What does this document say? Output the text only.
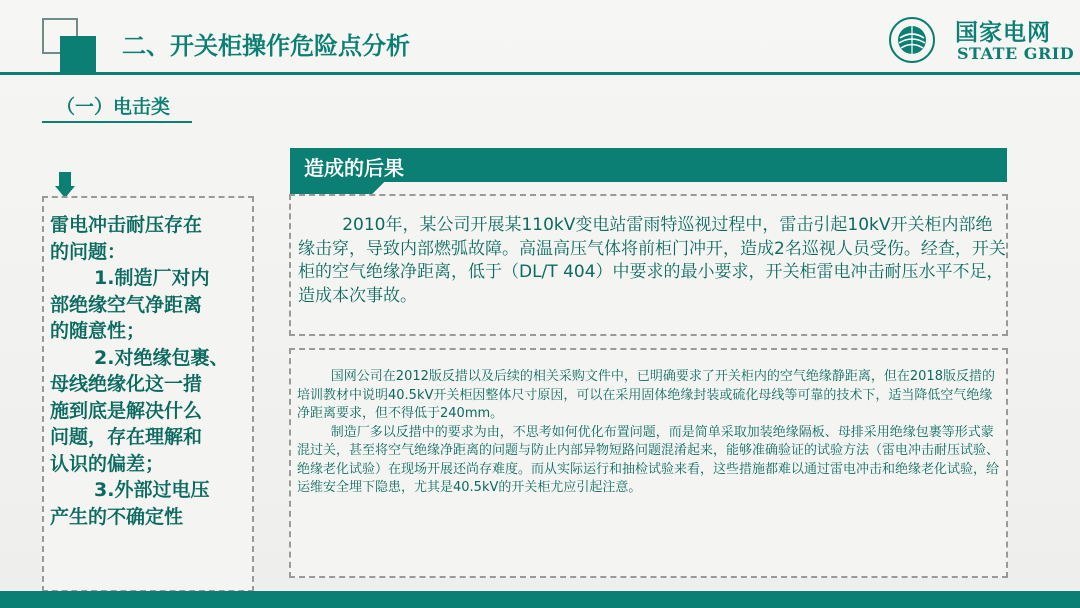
二、开关柜操作危险点分析	国家电网
STATE GRID
（一）电击类
造成的后果
雷电冲击耐压存在
的问题：
1.制造厂对内
部绝缘空气净距离
的随意性；
2.对绝缘包裹、
母线绝缘化这一措
施到底是解决什么
问题，存在理解和
认识的偏差；
3.外部过电压
产生的不确定性

2010年，某公司开展某110kV变电站雷雨特巡视过程中，雷击引起10kV开关柜内部绝缘击穿，导致内部燃弧故障。高温高压气体将前柜门冲开，造成2名巡视人员受伤。经查，开关柜的空气绝缘净距离，低于（DL/T 404）中要求的最小要求，开关柜雷电冲击耐压水平不足，造成本次事故。

国网公司在2012版反措以及后续的相关采购文件中，已明确要求了开关柜内的空气绝缘静距离，但在2018版反措的培训教材中说明40.5kV开关柜因整体尺寸原因，可以在采用固体绝缘封装或硫化母线等可靠的技术下，适当降低空气绝缘净距离要求，但不得低于240mm。

制造厂多以反措中的要求为由，不思考如何优化布置问题，而是简单采取加装绝缘隔板、母排采用绝缘包裹等形式蒙混过关，甚至将空气绝缘净距离的问题与防止内部异物短路问题混淆起来，能够准确验证的试验方法（雷电冲击耐压试验、绝缘老化试验）在现场开展还尚存难度。而从实际运行和抽检试验来看，这些措施都难以通过雷电冲击和绝缘老化试验，给运维安全埋下隐患，尤其是40.5kV的开关柜尤应引起注意。
